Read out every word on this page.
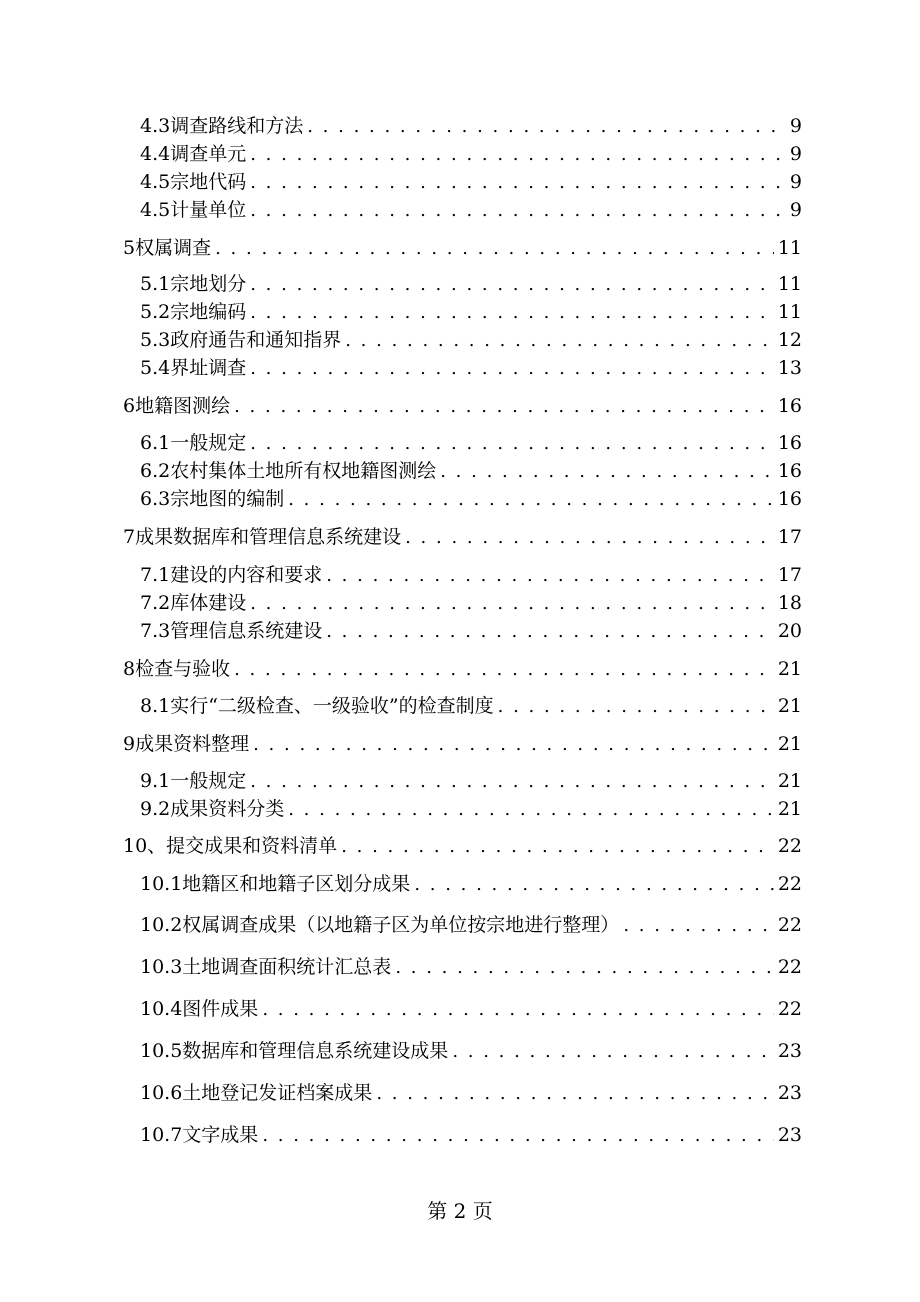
4.3 调查路线和方法 . . .	9
4.4 调查单元 . . .	9
4.5 宗地代码 . . .	9
4.5 计量单位 . . .	9
5 权属调查 . . .	11
5.1 宗地划分 . . .	11
5.2 宗地编码 . . .	11
5.3 政府通告和通知指界 . . .	12
5.4 界址调查 . . .	13
6 地籍图测绘 . . .	16
6.1 一般规定 . . .	16
6.2 农村集体土地所有权地籍图测绘 . . .	16
6.3 宗地图的编制 . . .	16
7 成果数据库和管理信息系统建设 . . .	17
7.1 建设的内容和要求 . . .	17
7.2 库体建设 . . .	18
7.3 管理信息系统建设 . . .	20
8 检查与验收 . . .	21
8.1 实行“二级检查、一级验收”的检查制度 . . .	21
9 成果资料整理 . . .	21
9.1 一般规定 . . .	21
9.2 成果资料分类 . . .	21
10、提交成果和资料清单 . . .	22
10.1地籍区和地籍子区划分成果 . . .	22
10.2权属调查成果（以地籍子区为单位按宗地进行整理） . . .	22
10.3土地调查面积统计汇总表 . . .	22
10.4图件成果 . . .	22
10.5数据库和管理信息系统建设成果 . . .	23
10.6土地登记发证档案成果 . . .	23
10.7文字成果 . . .	23
第 2 页
